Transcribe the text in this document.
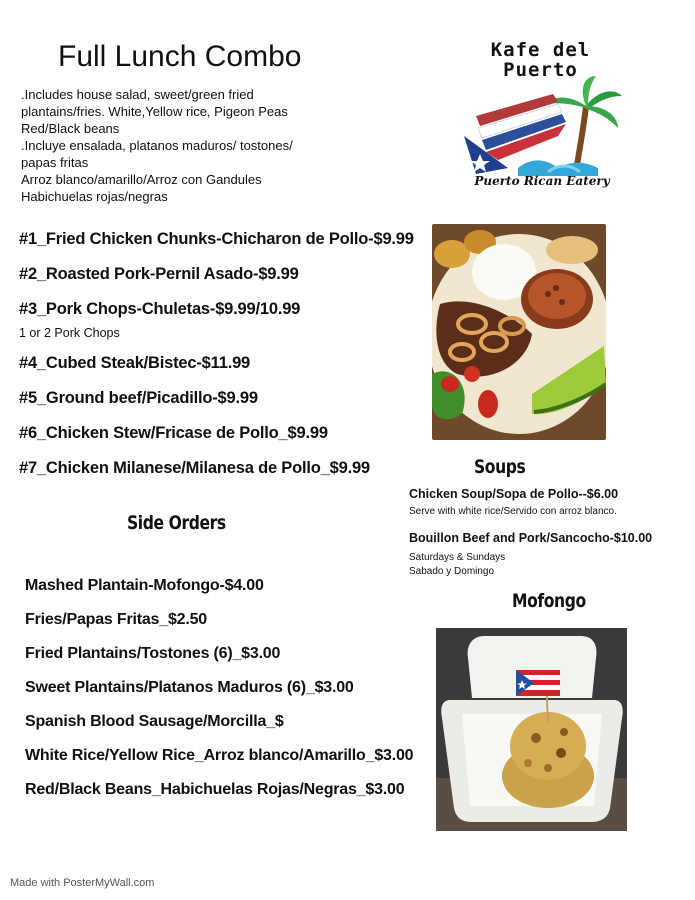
Full Lunch Combo
.Includes house salad, sweet/green fried
plantains/fries. White,Yellow rice, Pigeon Peas
Red/Black beans
.Incluye ensalada, platanos maduros/ tostones/
papas fritas
Arroz blanco/amarillo/Arroz con Gandules
Habichuelas rojas/negras
Kafe del
Puerto
Puerto Rican Eatery
#1_Fried Chicken Chunks-Chicharon de Pollo-$9.99
#2_Roasted Pork-Pernil Asado-$9.99
#3_Pork Chops-Chuletas-$9.99/10.99
1 or 2 Pork Chops
#4_Cubed Steak/Bistec-$11.99
#5_Ground beef/Picadillo-$9.99
#6_Chicken Stew/Fricase de Pollo_$9.99
#7_Chicken Milanese/Milanesa de Pollo_$9.99
Side Orders
Mashed Plantain-Mofongo-$4.00
Fries/Papas Fritas_$2.50
Fried Plantains/Tostones (6)_$3.00
Sweet Plantains/Platanos Maduros (6)_$3.00
Spanish Blood Sausage/Morcilla_$
White Rice/Yellow Rice_Arroz blanco/Amarillo_$3.00
Red/Black Beans_Habichuelas Rojas/Negras_$3.00
Soups
Chicken Soup/Sopa de Pollo--$6.00
Serve with white rice/Servido con arroz blanco.
Bouillon Beef and Pork/Sancocho-$10.00
Saturdays & Sundays
Sabado y Domingo
Mofongo
Made with PosterMyWall.com
